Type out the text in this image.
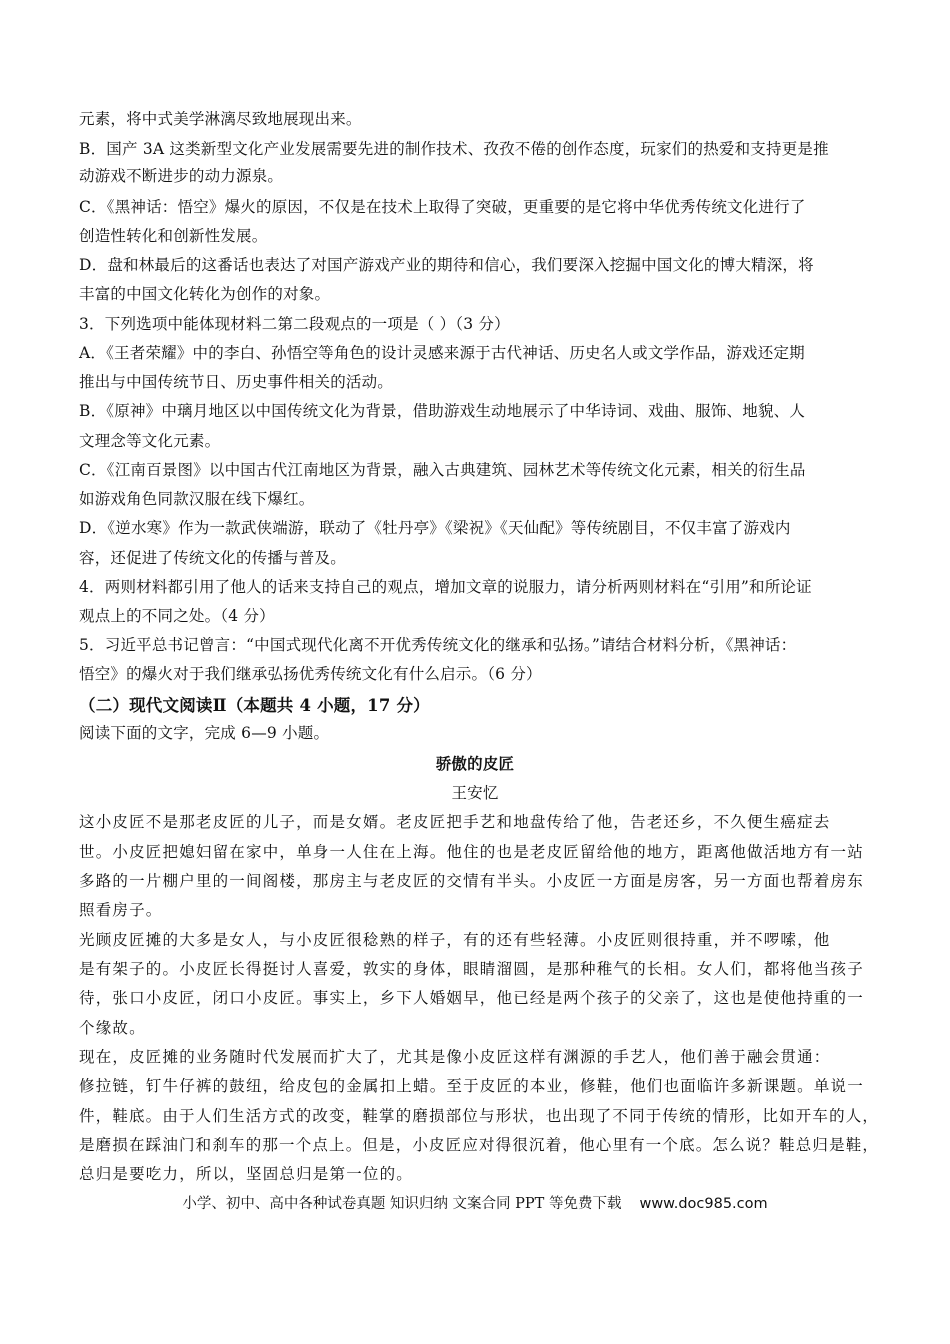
元素，将中式美学淋漓尽致地展现出来。
B．国产 3A 这类新型文化产业发展需要先进的制作技术、孜孜不倦的创作态度，玩家们的热爱和支持更是推
动游戏不断进步的动力源泉。
C．《黑神话：悟空》爆火的原因，不仅是在技术上取得了突破，更重要的是它将中华优秀传统文化进行了
创造性转化和创新性发展。
D．盘和林最后的这番话也表达了对国产游戏产业的期待和信心，我们要深入挖掘中国文化的博大精深，将
丰富的中国文化转化为创作的对象。
3．下列选项中能体现材料二第二段观点的一项是（ ）（3 分）
A．《王者荣耀》中的李白、孙悟空等角色的设计灵感来源于古代神话、历史名人或文学作品，游戏还定期
推出与中国传统节日、历史事件相关的活动。
B．《原神》中璃月地区以中国传统文化为背景，借助游戏生动地展示了中华诗词、戏曲、服饰、地貌、人
文理念等文化元素。
C．《江南百景图》以中国古代江南地区为背景，融入古典建筑、园林艺术等传统文化元素，相关的衍生品
如游戏角色同款汉服在线下爆红。
D．《逆水寒》作为一款武侠端游，联动了《牡丹亭》《梁祝》《天仙配》等传统剧目，不仅丰富了游戏内
容，还促进了传统文化的传播与普及。
4．两则材料都引用了他人的话来支持自己的观点，增加文章的说服力，请分析两则材料在“引用”和所论证
观点上的不同之处。（4 分）
5．习近平总书记曾言：“中国式现代化离不开优秀传统文化的继承和弘扬。”请结合材料分析，《黑神话：
悟空》的爆火对于我们继承弘扬优秀传统文化有什么启示。（6 分）
（二）现代文阅读Ⅱ（本题共 4 小题，17 分）
阅读下面的文字，完成 6—9 小题。
骄傲的皮匠
王安忆
这小皮匠不是那老皮匠的儿子，而是女婿。老皮匠把手艺和地盘传给了他，告老还乡，不久便生癌症去
世。小皮匠把媳妇留在家中，单身一人住在上海。他住的也是老皮匠留给他的地方，距离他做活地方有一站
多路的一片棚户里的一间阁楼，那房主与老皮匠的交情有半头。小皮匠一方面是房客，另一方面也帮着房东
照看房子。
光顾皮匠摊的大多是女人，与小皮匠很稔熟的样子，有的还有些轻薄。小皮匠则很持重，并不啰嗦，他
是有架子的。小皮匠长得挺讨人喜爱，敦实的身体，眼睛溜圆，是那种稚气的长相。女人们，都将他当孩子
待，张口小皮匠，闭口小皮匠。事实上，乡下人婚姻早，他已经是两个孩子的父亲了，这也是使他持重的一
个缘故。
现在，皮匠摊的业务随时代发展而扩大了，尤其是像小皮匠这样有渊源的手艺人，他们善于融会贯通：
修拉链，钉牛仔裤的鼓纽，给皮包的金属扣上蜡。至于皮匠的本业，修鞋，他们也面临许多新课题。单说一
件，鞋底。由于人们生活方式的改变，鞋掌的磨损部位与形状，也出现了不同于传统的情形，比如开车的人，
是磨损在踩油门和刹车的那一个点上。但是，小皮匠应对得很沉着，他心里有一个底。怎么说？鞋总归是鞋，
总归是要吃力，所以，坚固总归是第一位的。
小学、初中、高中各种试卷真题 知识归纳 文案合同 PPT 等免费下载 www.doc985.com
